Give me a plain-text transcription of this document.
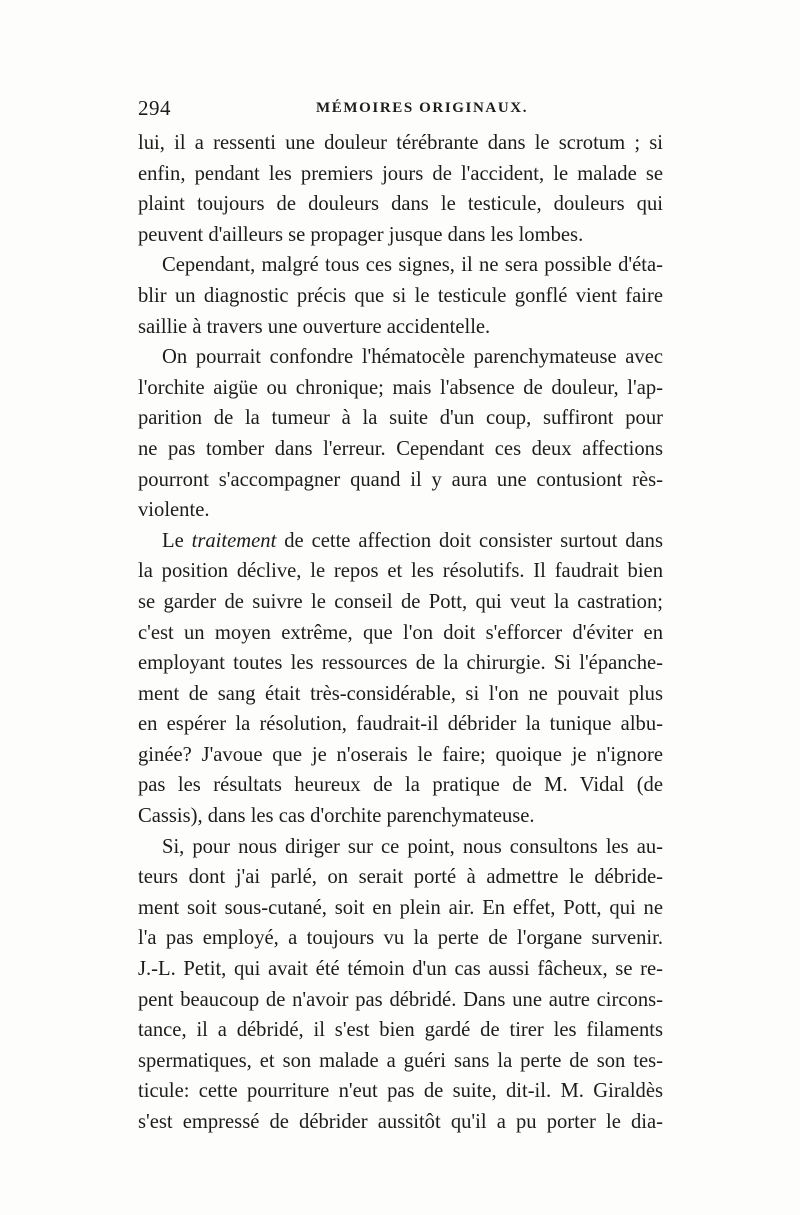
294	MÉMOIRES ORIGINAUX.
lui, il a ressenti une douleur térébrante dans le scrotum ; si
enfin, pendant les premiers jours de l'accident, le malade se
plaint toujours de douleurs dans le testicule, douleurs qui
peuvent d'ailleurs se propager jusque dans les lombes.
Cependant, malgré tous ces signes, il ne sera possible d'éta-
blir un diagnostic précis que si le testicule gonflé vient faire
saillie à travers une ouverture accidentelle.
On pourrait confondre l'hématocèle parenchymateuse avec
l'orchite aigüe ou chronique; mais l'absence de douleur, l'ap-
parition de la tumeur à la suite d'un coup, suffiront pour
ne pas tomber dans l'erreur. Cependant ces deux affections
pourront s'accompagner quand il y aura une contusiont rès-
violente.
Le traitement de cette affection doit consister surtout dans
la position déclive, le repos et les résolutifs. Il faudrait bien
se garder de suivre le conseil de Pott, qui veut la castration;
c'est un moyen extrême, que l'on doit s'efforcer d'éviter en
employant toutes les ressources de la chirurgie. Si l'épanche-
ment de sang était très-considérable, si l'on ne pouvait plus
en espérer la résolution, faudrait-il débrider la tunique albu-
ginée? J'avoue que je n'oserais le faire; quoique je n'ignore
pas les résultats heureux de la pratique de M. Vidal (de
Cassis), dans les cas d'orchite parenchymateuse.
Si, pour nous diriger sur ce point, nous consultons les au-
teurs dont j'ai parlé, on serait porté à admettre le débride-
ment soit sous-cutané, soit en plein air. En effet, Pott, qui ne
l'a pas employé, a toujours vu la perte de l'organe survenir.
J.-L. Petit, qui avait été témoin d'un cas aussi fâcheux, se re-
pent beaucoup de n'avoir pas débridé. Dans une autre circons-
tance, il a débridé, il s'est bien gardé de tirer les filaments
spermatiques, et son malade a guéri sans la perte de son tes-
ticule: cette pourriture n'eut pas de suite, dit-il. M. Giraldès
s'est empressé de débrider aussitôt qu'il a pu porter le dia-
